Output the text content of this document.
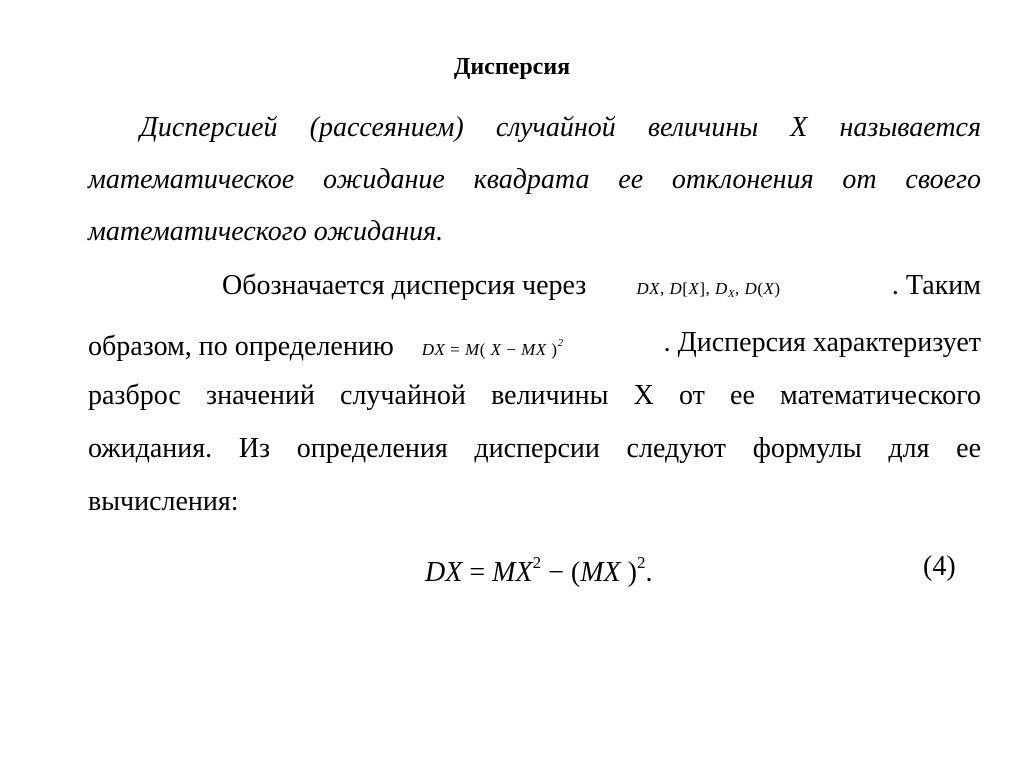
Дисперсия
Дисперсией (рассеянием) случайной величины X называется
математическое ожидание квадрата ее отклонения от своего
математического ожидания.
Обозначается дисперсия через	DX, D[X], $D_X$, D(X)	. Таким
образом, по определению DX = M( X − MX )$^2$	. Дисперсия характеризует
разброс значений случайной величины X от ее математического
ожидания. Из определения дисперсии следуют формулы для ее
вычисления:
DX = $MX^2 - (MX$ )$^2$.	(4)
